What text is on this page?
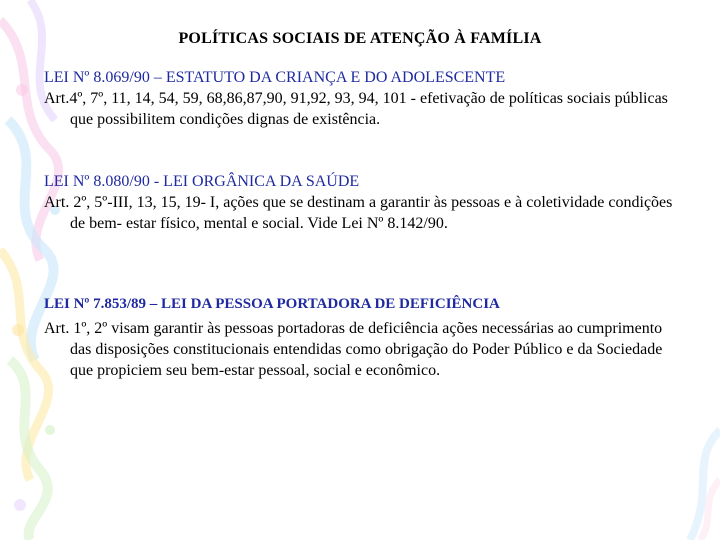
POLÍTICAS SOCIAIS DE ATENÇÃO À FAMÍLIA
LEI Nº 8.069/90 – ESTATUTO DA CRIANÇA E DO ADOLESCENTE
Art.4º, 7º, 11, 14, 54, 59, 68,86,87,90, 91,92, 93, 94, 101 - efetivação de políticas sociais públicas que possibilitem condições dignas de existência.
LEI Nº 8.080/90 - LEI ORGÂNICA DA SAÚDE
Art. 2º, 5º-III, 13, 15, 19- I, ações que se destinam a garantir às pessoas e à coletividade condições de bem- estar físico, mental e social. Vide Lei Nº 8.142/90.
LEI Nº 7.853/89 – LEI DA PESSOA PORTADORA DE DEFICIÊNCIA
Art. 1º, 2º visam garantir às pessoas portadoras de deficiência ações necessárias ao cumprimento das disposições constitucionais entendidas como obrigação do Poder Público e da Sociedade que propiciem seu bem-estar pessoal, social e econômico.
